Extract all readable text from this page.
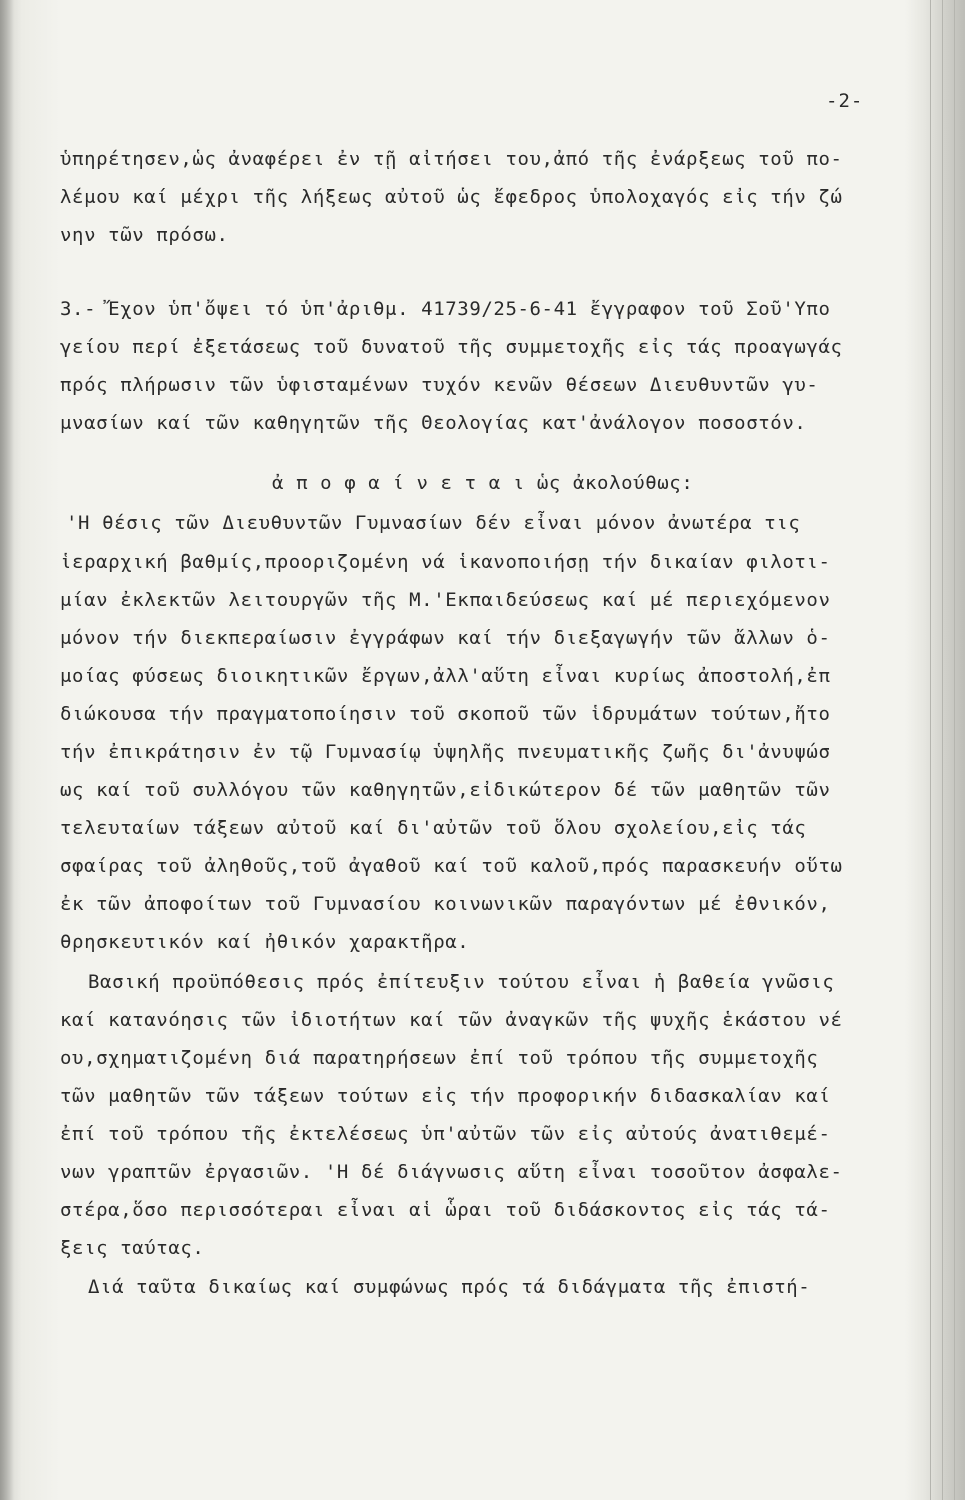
-2-
ὑπηρέτησεν,ὡς ἀναφέρει ἐν τῇ αἰτήσει του,ἀπό τῆς ἐνάρξεως τοῦ πο-
λέμου καί μέχρι τῆς λήξεως αὐτοῦ ὡς ἔφεδρος ὑπολοχαγός εἰς τήν ζώ
νην τῶν πρόσω.
3.- Ἔχον ὑπ'ὄψει τό ὑπ'ἀριθμ. 41739/25-6-41 ἔγγραφον τοῦ Σοῦ'Υπο
γείου περί ἐξετάσεως τοῦ δυνατοῦ τῆς συμμετοχῆς εἰς τάς προαγωγάς
πρός πλήρωσιν τῶν ὑφισταμένων τυχόν κενῶν θέσεων Διευθυντῶν γυ-
μνασίων καί τῶν καθηγητῶν τῆς Θεολογίας κατ'ἀνάλογον ποσοστόν.
ἀ π ο φ α ί ν ε τ α ι ὡς ἀκολούθως:
'Η θέσις τῶν Διευθυντῶν Γυμνασίων δέν εἶναι μόνον ἀνωτέρα τις
ἱεραρχική βαθμίς,προοριζομένη νά ἱκανοποιήσῃ τήν δικαίαν φιλοτι-
μίαν ἐκλεκτῶν λειτουργῶν τῆς Μ.'Εκπαιδεύσεως καί μέ περιεχόμενον
μόνον τήν διεκπεραίωσιν ἐγγράφων καί τήν διεξαγωγήν τῶν ἄλλων ὁ-
μοίας φύσεως διοικητικῶν ἔργων,ἀλλ'αὕτη εἶναι κυρίως ἀποστολή,ἐπ
διώκουσα τήν πραγματοποίησιν τοῦ σκοποῦ τῶν ἱδρυμάτων τούτων,ἤτο
τήν ἐπικράτησιν ἐν τῷ Γυμνασίῳ ὑψηλῆς πνευματικῆς ζωῆς δι'ἀνυψώσ
ως καί τοῦ συλλόγου τῶν καθηγητῶν,εἰδικώτερον δέ τῶν μαθητῶν τῶν
τελευταίων τάξεων αὐτοῦ καί δι'αὐτῶν τοῦ ὅλου σχολείου,εἰς τάς
σφαίρας τοῦ ἀληθοῦς,τοῦ ἀγαθοῦ καί τοῦ καλοῦ,πρός παρασκευήν οὕτω
ἐκ τῶν ἀποφοίτων τοῦ Γυμνασίου κοινωνικῶν παραγόντων μέ ἐθνικόν,
θρησκευτικόν καί ἠθικόν χαρακτῆρα.
Βασική προϋπόθεσις πρός ἐπίτευξιν τούτου εἶναι ἡ βαθεία γνῶσις
καί κατανόησις τῶν ἰδιοτήτων καί τῶν ἀναγκῶν τῆς ψυχῆς ἑκάστου νέ
ου,σχηματιζομένη διά παρατηρήσεων ἐπί τοῦ τρόπου τῆς συμμετοχῆς
τῶν μαθητῶν τῶν τάξεων τούτων εἰς τήν προφορικήν διδασκαλίαν καί
ἐπί τοῦ τρόπου τῆς ἐκτελέσεως ὑπ'αὐτῶν τῶν εἰς αὐτούς ἀνατιθεμέ-
νων γραπτῶν ἐργασιῶν. 'Η δέ διάγνωσις αὕτη εἶναι τοσοῦτον ἀσφαλε-
στέρα,ὅσο περισσότεραι εἶναι αἱ ὧραι τοῦ διδάσκοντος εἰς τάς τά-
ξεις ταύτας.
Διά ταῦτα δικαίως καί συμφώνως πρός τά διδάγματα τῆς ἐπιστή-
